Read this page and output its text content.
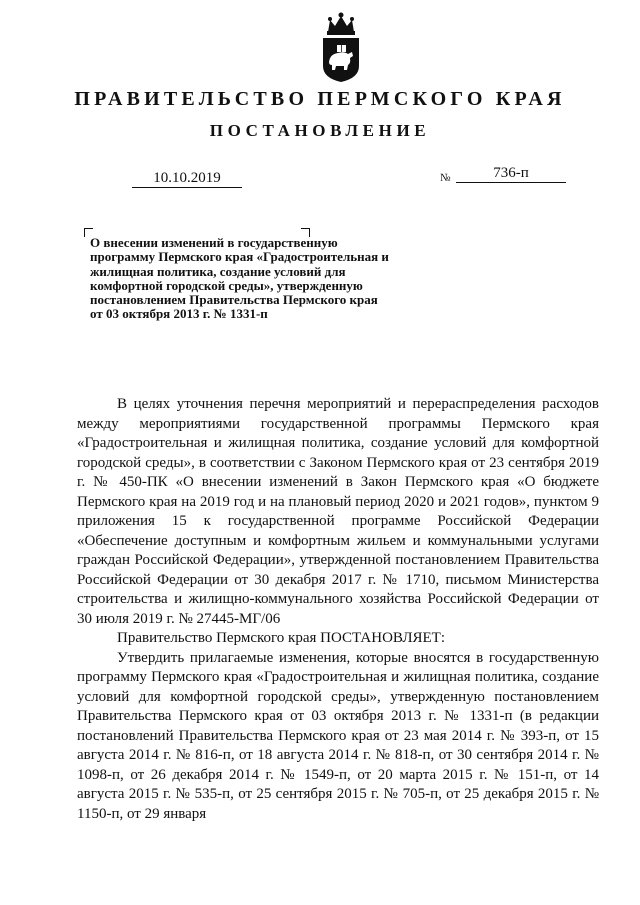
ПРАВИТЕЛЬСТВО ПЕРМСКОГО КРАЯ
ПОСТАНОВЛЕНИЕ
10.10.2019	№	736-п
О внесении изменений в государственную программу Пермского края «Градостроительная и жилищная политика, создание условий для комфортной городской среды», утвержденную постановлением Правительства Пермского края от 03 октября 2013 г. № 1331-п

В целях уточнения перечня мероприятий и перераспределения расходов между мероприятиями государственной программы Пермского края «Градостроительная и жилищная политика, создание условий для комфортной городской среды», в соответствии с Законом Пермского края от 23 сентября 2019 г. № 450-ПК «О внесении изменений в Закон Пермского края «О бюджете Пермского края на 2019 год и на плановый период 2020 и 2021 годов», пунктом 9 приложения 15 к государственной программе Российской Федерации «Обеспечение доступным и комфортным жильем и коммунальными услугами граждан Российской Федерации», утвержденной постановлением Правительства Российской Федерации от 30 декабря 2017 г. № 1710, письмом Министерства строительства и жилищно-коммунального хозяйства Российской Федерации от 30 июля 2019 г. № 27445-МГ/06

Правительство Пермского края ПОСТАНОВЛЯЕТ:

Утвердить прилагаемые изменения, которые вносятся в государственную программу Пермского края «Градостроительная и жилищная политика, создание условий для комфортной городской среды», утвержденную постановлением Правительства Пермского края от 03 октября 2013 г. № 1331-п (в редакции постановлений Правительства Пермского края от 23 мая 2014 г. № 393-п, от 15 августа 2014 г. № 816-п, от 18 августа 2014 г. № 818-п, от 30 сентября 2014 г. № 1098-п, от 26 декабря 2014 г. № 1549-п, от 20 марта 2015 г. № 151-п, от 14 августа 2015 г. № 535-п, от 25 сентября 2015 г. № 705-п, от 25 декабря 2015 г. № 1150-п, от 29 января
